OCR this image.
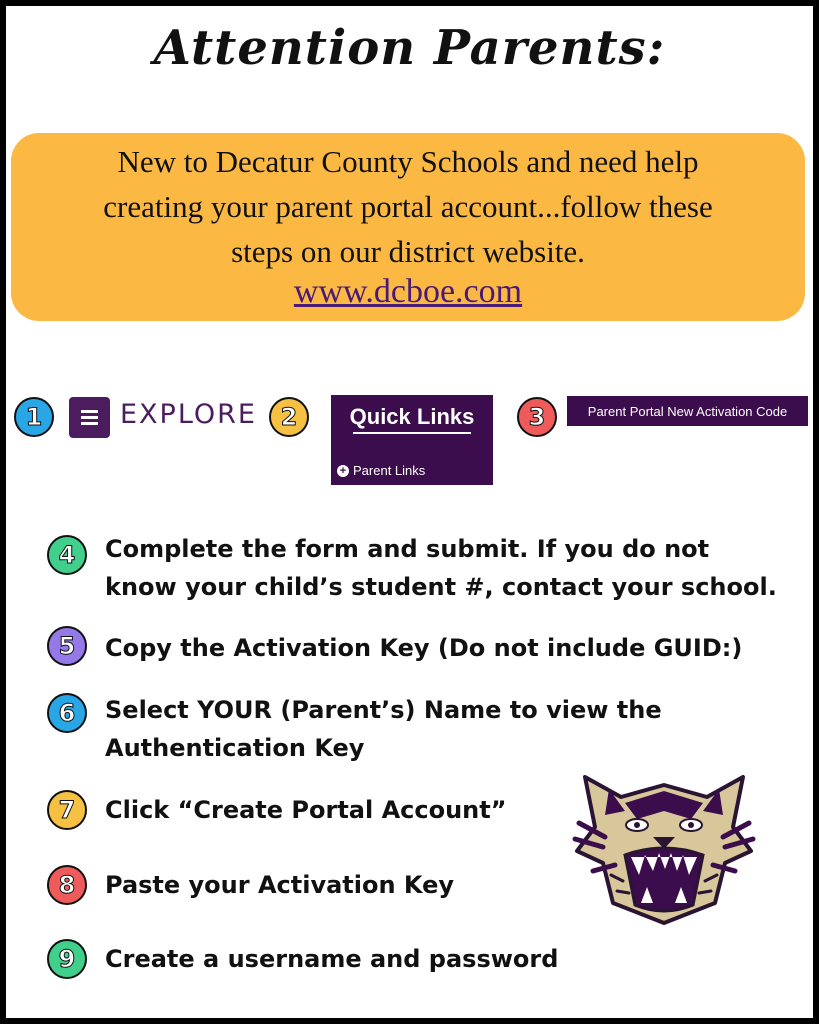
Attention Parents:
New to Decatur County Schools and need help
creating your parent portal account...follow these
steps on our district website.
www.dcboe.com
1	EXPLORE 2	Quick Links
+ Parent Links
3	Parent Portal New Activation Code
4	Complete the form and submit. If you do not
know your child’s student #, contact your school.
5	Copy the Activation Key (Do not include GUID:)
6	Select YOUR (Parent’s) Name to view the
Authentication Key
7	Click “Create Portal Account”
8	Paste your Activation Key
9	Create a username and password
